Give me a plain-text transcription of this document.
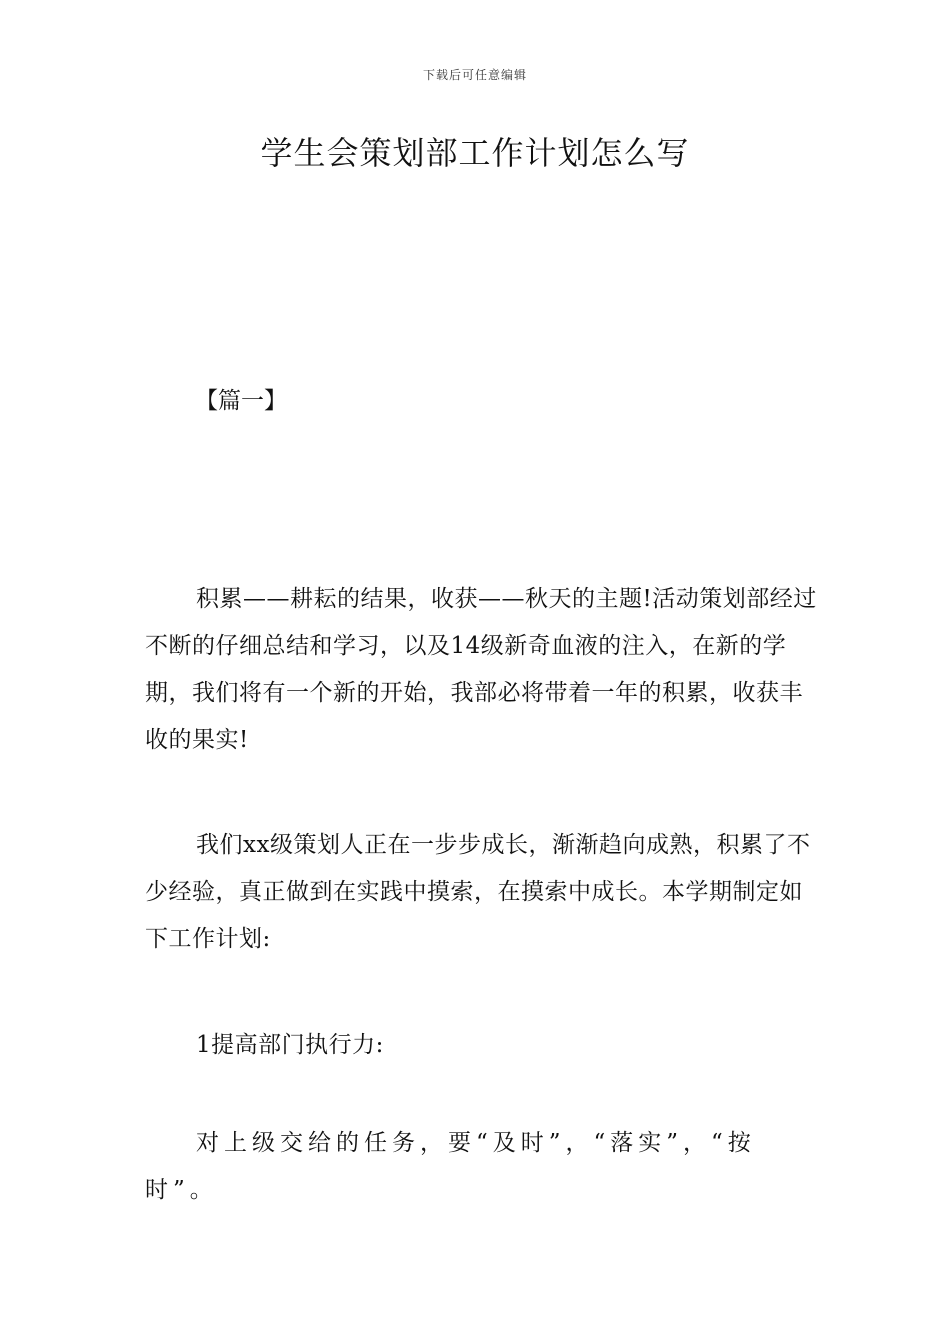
下载后可任意编辑
学生会策划部工作计划怎么写
【篇一】

积累——耕耘的结果，收获——秋天的主题!活动策划部经过不断的仔细总结和学习，以及14级新奇血液的注入，在新的学期，我们将有一个新的开始，我部必将带着一年的积累，收获丰收的果实!

我们xx级策划人正在一步步成长，渐渐趋向成熟，积累了不少经验，真正做到在实践中摸索，在摸索中成长。本学期制定如下工作计划:

1提高部门执行力:

对上级交给的任务，要“及时”，“落实”，“按时”。
